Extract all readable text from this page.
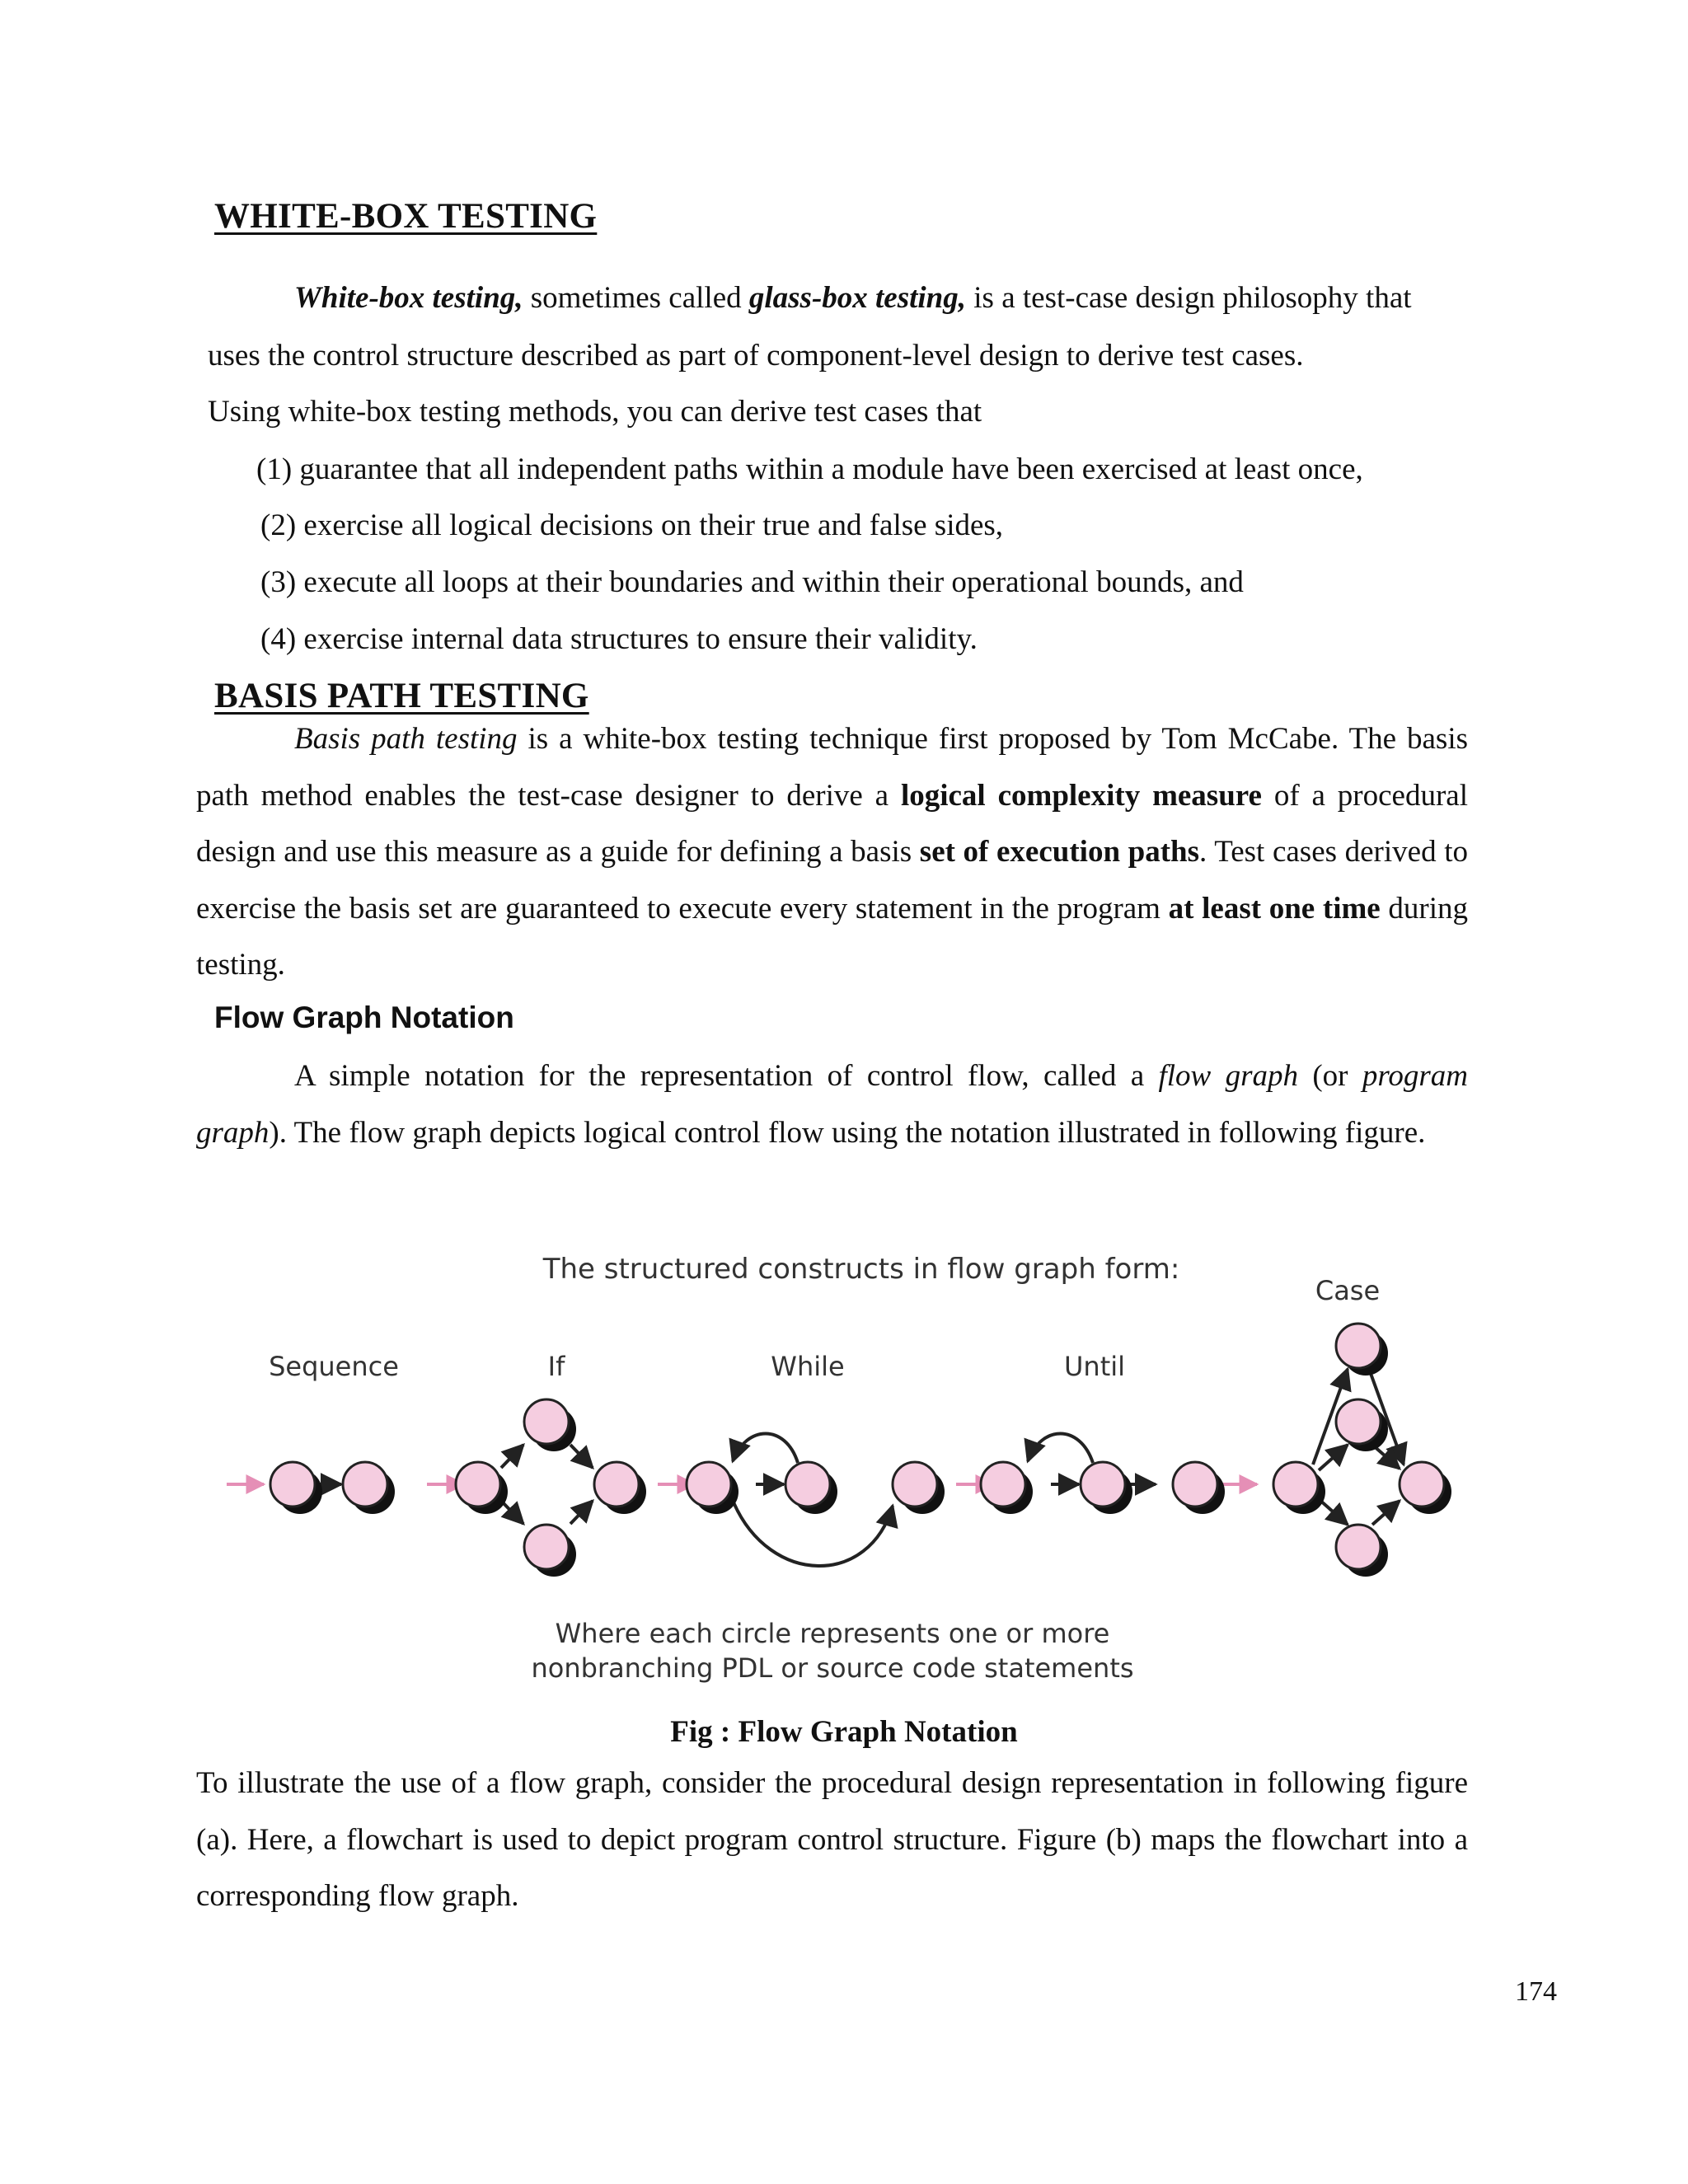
WHITE-BOX TESTING
White-box testing, sometimes called glass-box testing, is a test-case design philosophy that
uses the control structure described as part of component-level design to derive test cases.
Using white-box testing methods, you can derive test cases that
(1) guarantee that all independent paths within a module have been exercised at least once,
(2) exercise all logical decisions on their true and false sides,
(3) execute all loops at their boundaries and within their operational bounds, and
(4) exercise internal data structures to ensure their validity.
BASIS PATH TESTING
Basis path testing is a white-box testing technique first proposed by Tom McCabe. The basis path method enables the test-case designer to derive a logical complexity measure of a procedural design and use this measure as a guide for defining a basis set of execution paths. Test cases derived to exercise the basis set are guaranteed to execute every statement in the program at least one time during testing.
Flow Graph Notation
A simple notation for the representation of control flow, called a flow graph (or program graph). The flow graph depicts logical control flow using the notation illustrated in following figure.
The structured constructs in flow graph form:
Sequence	If	While	Until
Case
Where each circle represents one or more
nonbranching PDL or source code statements
Fig : Flow Graph Notation
To illustrate the use of a flow graph, consider the procedural design representation in following figure (a). Here, a flowchart is used to depict program control structure. Figure (b) maps the flowchart into a corresponding flow graph.
174
